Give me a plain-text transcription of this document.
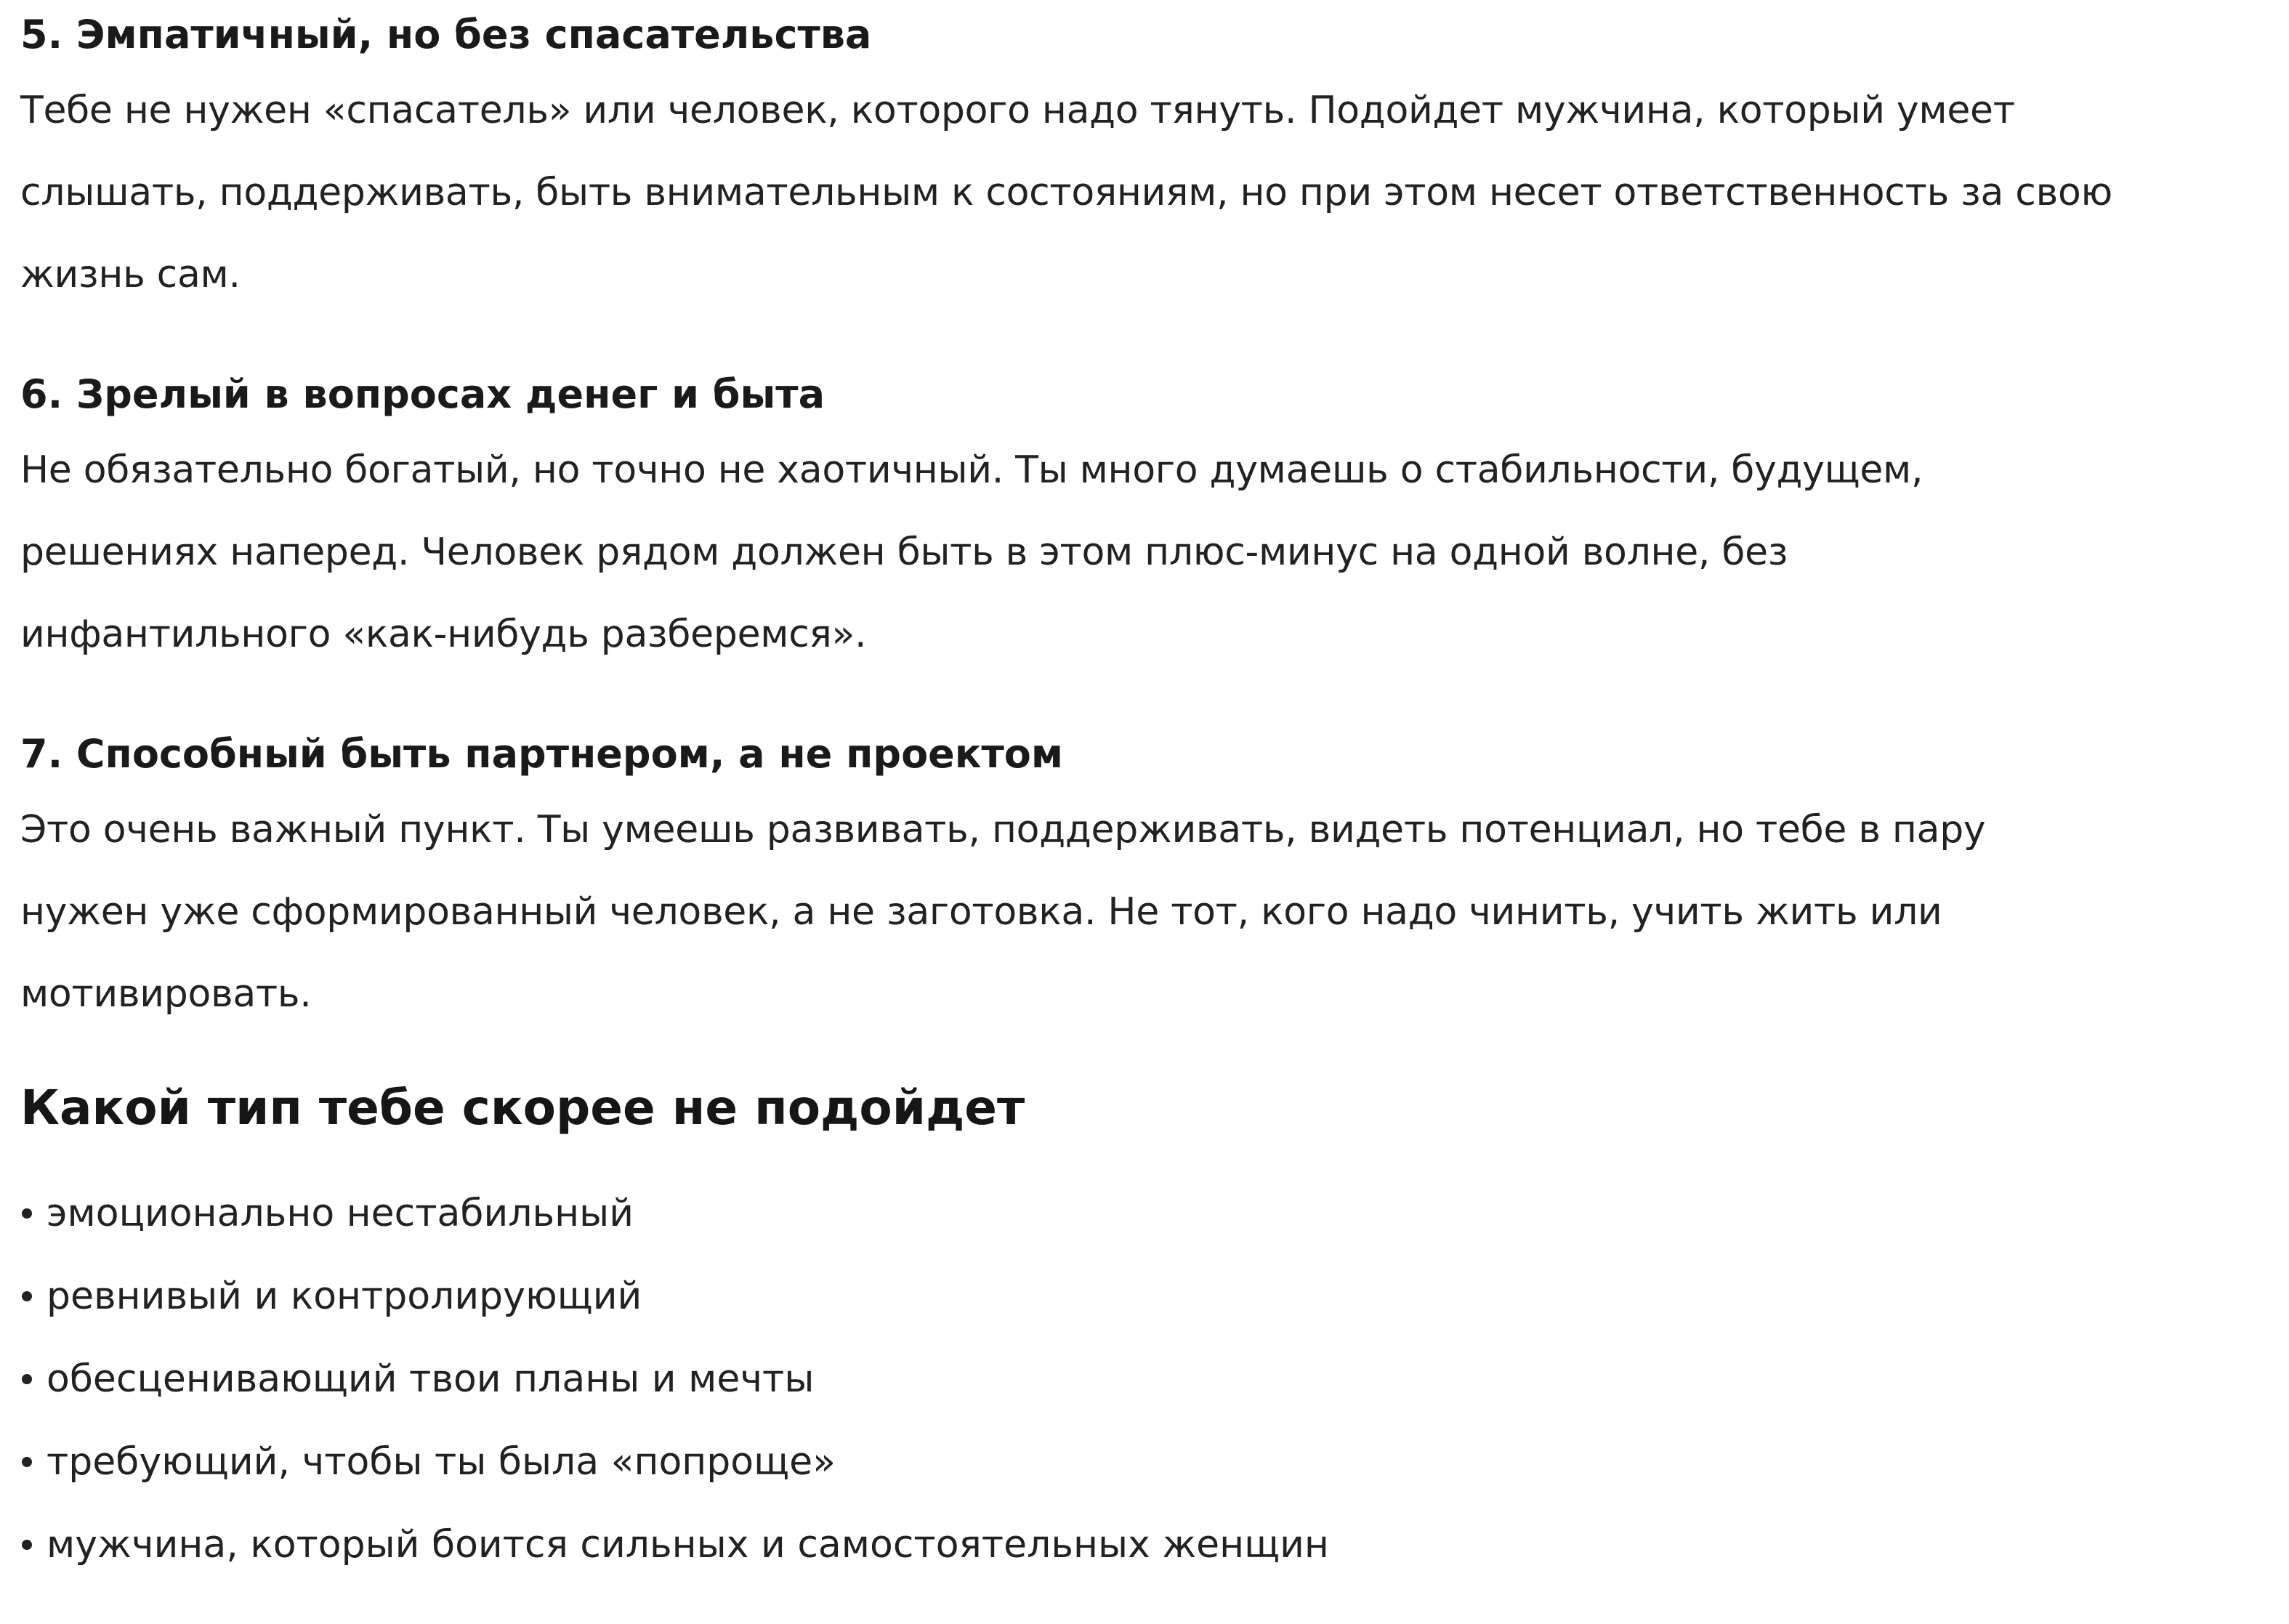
5. Эмпатичный, но без спасательства

Тебе не нужен «спасатель» или человек, которого надо тянуть. Подойдет мужчина, который умеет

слышать, поддерживать, быть внимательным к состояниям, но при этом несет ответственность за свою

жизнь сам.

6. Зрелый в вопросах денег и быта

Не обязательно богатый, но точно не хаотичный. Ты много думаешь о стабильности, будущем,

решениях наперед. Человек рядом должен быть в этом плюс-минус на одной волне, без

инфантильного «как-нибудь разберемся».

7. Способный быть партнером, а не проектом

Это очень важный пункт. Ты умеешь развивать, поддерживать, видеть потенциал, но тебе в пару

нужен уже сформированный человек, а не заготовка. Не тот, кого надо чинить, учить жить или

мотивировать.

Какой тип тебе скорее не подойдет
эмоционально нестабильный
ревнивый и контролирующий
обесценивающий твои планы и мечты
требующий, чтобы ты была «попроще»
мужчина, который боится сильных и самостоятельных женщин
